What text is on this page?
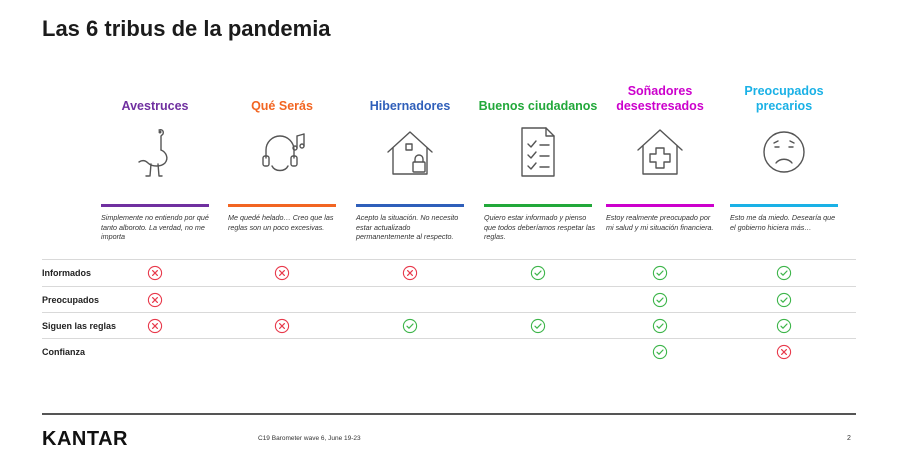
Las 6 tribus de la pandemia
Avestruces
Simplemente no entiendo por qué tanto alboroto. La verdad, no me importa
Qué Serás
Me quedé helado… Creo que las reglas son un poco excesivas.
Hibernadores
Acepto la situación. No necesito estar actualizado permanentemente al respecto.
Buenos ciudadanos
Quiero estar informado y pienso que todos deberíamos respetar las reglas.
Soñadores desestresados
Estoy realmente preocupado por mi salud y mi situación financiera.
Preocupados precarios
Esto me da miedo. Desearía que el gobierno hiciera más…
Informados
Preocupados
Siguen las reglas
Confianza
KANTAR	C19 Barometer wave 6, June 19-23	2
